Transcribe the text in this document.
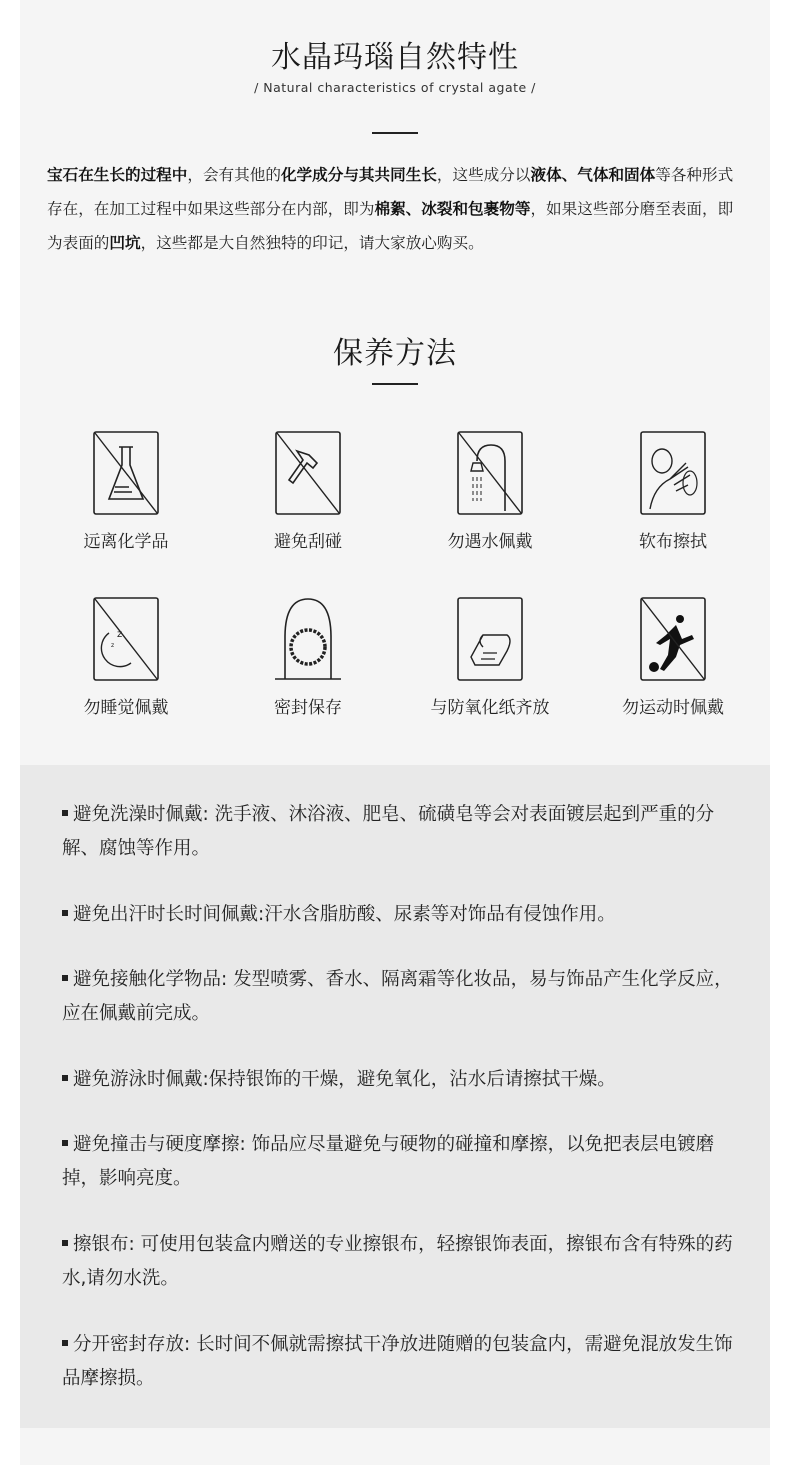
水晶玛瑙自然特性
/ Natural characteristics of crystal agate /
宝石在生长的过程中，会有其他的化学成分与其共同生长，这些成分以液体、气体和固体等各种形式存在，在加工过程中如果这些部分在内部，即为棉絮、冰裂和包裹物等，如果这些部分磨至表面，即为表面的凹坑，这些都是大自然独特的印记，请大家放心购买。
保养方法
远离化学品	避免刮碰	勿遇水佩戴	软布擦拭
z
z
勿睡觉佩戴	密封保存	与防氧化纸齐放	勿运动时佩戴
避免洗澡时佩戴: 洗手液、沐浴液、肥皂、硫磺皂等会对表面镀层起到严重的分解、腐蚀等作用。
避免出汗时长时间佩戴:汗水含脂肪酸、尿素等对饰品有侵蚀作用。
避免接触化学物品: 发型喷雾、香水、隔离霜等化妆品，易与饰品产生化学反应，应在佩戴前完成。
避免游泳时佩戴:保持银饰的干燥，避免氧化，沾水后请擦拭干燥。
避免撞击与硬度摩擦: 饰品应尽量避免与硬物的碰撞和摩擦，以免把表层电镀磨掉，影响亮度。
擦银布: 可使用包装盒内赠送的专业擦银布，轻擦银饰表面，擦银布含有特殊的药水,请勿水洗。
分开密封存放: 长时间不佩就需擦拭干净放进随赠的包装盒内，需避免混放发生饰品摩擦损。
